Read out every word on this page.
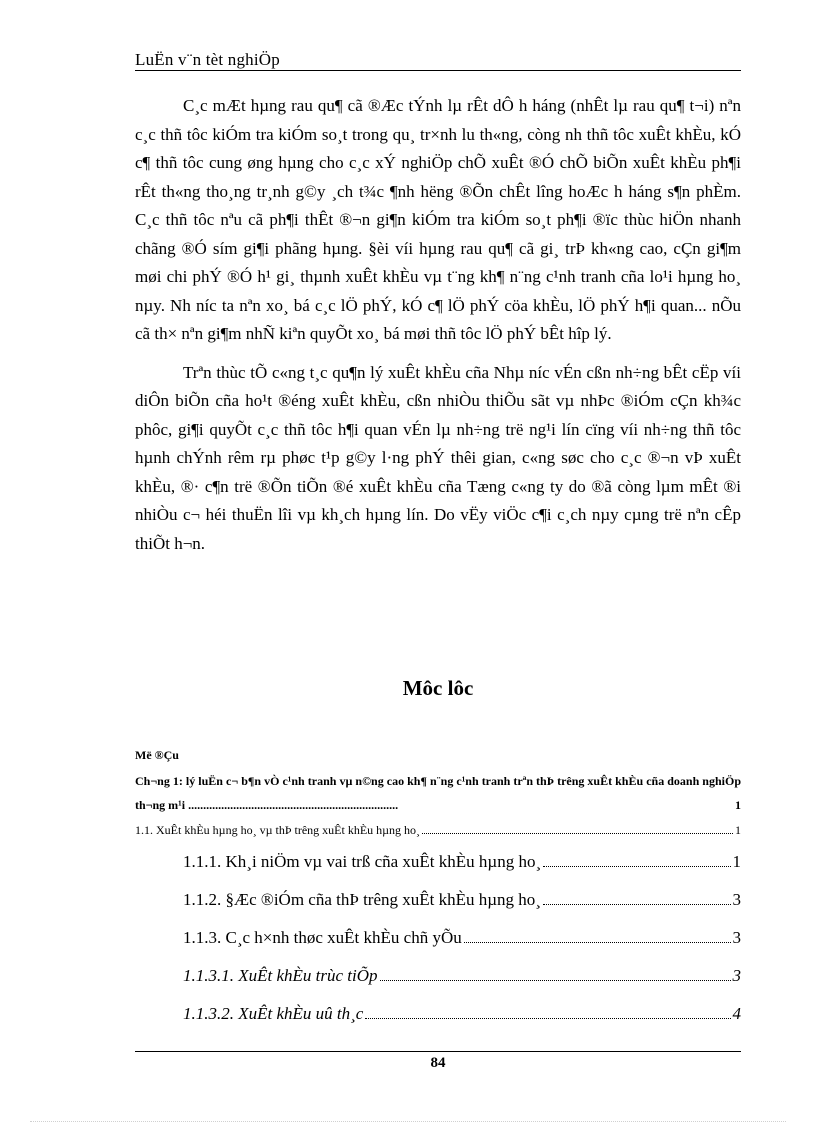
LuËn v¨n tèt nghiÖp

C¸c mÆt hµng rau qu¶ cã ®Æc tÝnh lµ rÊt dÔ h háng (nhÊt lµ rau qu¶ t¬i) nªn c¸c thñ tôc kiÓm tra kiÓm so¸t trong qu¸ tr×nh lu th«ng, còng nh thñ tôc xuÊt khÈu, kÓ c¶ thñ tôc cung øng hµng cho c¸c xÝ nghiÖp chÕ xuÊt ®Ó chÕ biÕn xuÊt khÈu ph¶i rÊt th«ng tho¸ng tr¸nh g©y ¸ch t¾c ¶nh hëng ®Õn chÊt lîng hoÆc h háng s¶n phÈm. C¸c thñ tôc nªu cã ph¶i thÊt ®¬n gi¶n kiÓm tra kiÓm so¸t ph¶i ®ïc thùc hiÖn nhanh chãng ®Ó sím gi¶i phãng hµng. §èi víi hµng rau qu¶ cã gi¸ trÞ kh«ng cao, cÇn gi¶m møi chi phÝ ®Ó h¹ gi¸ thµnh xuÊt khÈu vµ t¨ng kh¶ n¨ng c¹nh tranh cña lo¹i hµng ho¸ nµy. Nh níc ta nªn xo¸ bá c¸c lÖ phÝ, kÓ c¶ lÖ phÝ cöa khÈu, lÖ phÝ h¶i quan... nÕu cã th× nªn gi¶m nhÑ kiªn quyÕt xo¸ bá møi thñ tôc lÖ phÝ bÊt hîp lý.

Trªn thùc tÕ c«ng t¸c qu¶n lý xuÊt khÈu cña Nhµ níc vÉn cßn nh÷ng bÊt cËp víi diÔn biÕn cña ho¹t ®éng xuÊt khÈu, cßn nhiÒu thiÕu sãt vµ nhÞc ®iÓm cÇn kh¾c phôc, gi¶i quyÕt c¸c thñ tôc h¶i quan vÉn lµ nh÷ng trë ng¹i lín cïng víi nh÷ng thñ tôc hµnh chÝnh rêm rµ phøc t¹p g©y l·ng phÝ thêi gian, c«ng søc cho c¸c ®¬n vÞ xuÊt khÈu, ®· c¶n trë ®Õn tiÕn ®é xuÊt khÈu cña Tæng c«ng ty do ®ã còng lµm mÊt ®i nhiÒu c¬ héi thuËn lîi vµ kh¸ch hµng lín. Do vËy viÖc c¶i c¸ch nµy cµng trë nªn cÊp thiÕt h¬n.

Môc lôc
Më ®Çu
Ch¬ng 1: lý luËn c¬ b¶n vÒ c¹nh tranh vµ n©ng cao kh¶ n¨ng c¹nh tranh trªn thÞ trêng xuÊt khÈu cña doanh nghiÖp th¬ng m¹i ......................................................................	1
1.1. XuÊt khÈu hµng ho¸ vµ thÞ trêng xuÊt khÈu hµng ho¸	1
1.1.1. Kh¸i niÖm vµ vai trß cña xuÊt khÈu hµng ho¸	1
1.1.2. §Æc ®iÓm cña thÞ trêng xuÊt khÈu hµng ho¸	3
1.1.3. C¸c h×nh thøc xuÊt khÈu chñ yÕu	3
1.1.3.1. XuÊt khÈu trùc tiÕp	3
1.1.3.2. XuÊt khÈu uû th¸c	4
84
